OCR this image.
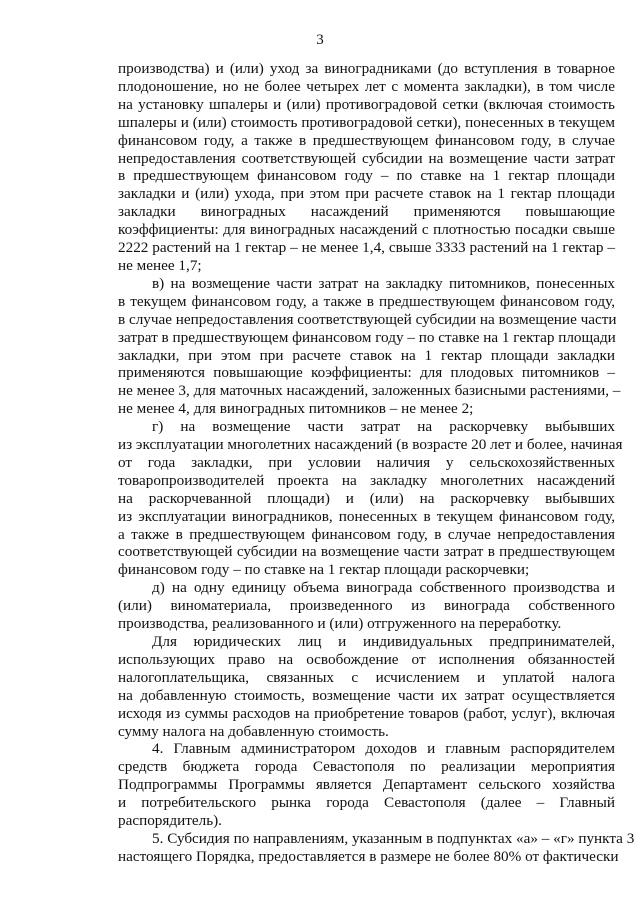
3

производства) и (или) уход за виноградниками (до вступления в товарное
плодоношение, но не более четырех лет с момента закладки), в том числе
на установку шпалеры и (или) противоградовой сетки (включая стоимость
шпалеры и (или) стоимость противоградовой сетки), понесенных в текущем
финансовом году, а также в предшествующем финансовом году, в случае
непредоставления соответствующей субсидии на возмещение части затрат
в предшествующем финансовом году – по ставке на 1 гектар площади
закладки и (или) ухода, при этом при расчете ставок на 1 гектар площади
закладки виноградных насаждений применяются повышающие
коэффициенты: для виноградных насаждений с плотностью посадки свыше
2222 растений на 1 гектар – не менее 1,4, свыше 3333 растений на 1 гектар –
не менее 1,7;

в) на возмещение части затрат на закладку питомников, понесенных
в текущем финансовом году, а также в предшествующем финансовом году,
в случае непредоставления соответствующей субсидии на возмещение части
затрат в предшествующем финансовом году – по ставке на 1 гектар площади
закладки, при этом при расчете ставок на 1 гектар площади закладки
применяются повышающие коэффициенты: для плодовых питомников –
не менее 3, для маточных насаждений, заложенных базисными растениями, –
не менее 4, для виноградных питомников – не менее 2;

г) на возмещение части затрат на раскорчевку выбывших
из эксплуатации многолетних насаждений (в возрасте 20 лет и более, начиная
от года закладки, при условии наличия у сельскохозяйственных
товаропроизводителей проекта на закладку многолетних насаждений
на раскорчеванной площади) и (или) на раскорчевку выбывших
из эксплуатации виноградников, понесенных в текущем финансовом году,
а также в предшествующем финансовом году, в случае непредоставления
соответствующей субсидии на возмещение части затрат в предшествующем
финансовом году – по ставке на 1 гектар площади раскорчевки;

д) на одну единицу объема винограда собственного производства и
(или) виноматериала, произведенного из винограда собственного
производства, реализованного и (или) отгруженного на переработку.

Для юридических лиц и индивидуальных предпринимателей,
использующих право на освобождение от исполнения обязанностей
налогоплательщика, связанных с исчислением и уплатой налога
на добавленную стоимость, возмещение части их затрат осуществляется
исходя из суммы расходов на приобретение товаров (работ, услуг), включая
сумму налога на добавленную стоимость.

4. Главным администратором доходов и главным распорядителем
средств бюджета города Севастополя по реализации мероприятия
Подпрограммы Программы является Департамент сельского хозяйства
и потребительского рынка города Севастополя (далее – Главный
распорядитель).

5. Субсидия по направлениям, указанным в подпунктах «а» – «г» пункта 3
настоящего Порядка, предоставляется в размере не более 80% от фактически
